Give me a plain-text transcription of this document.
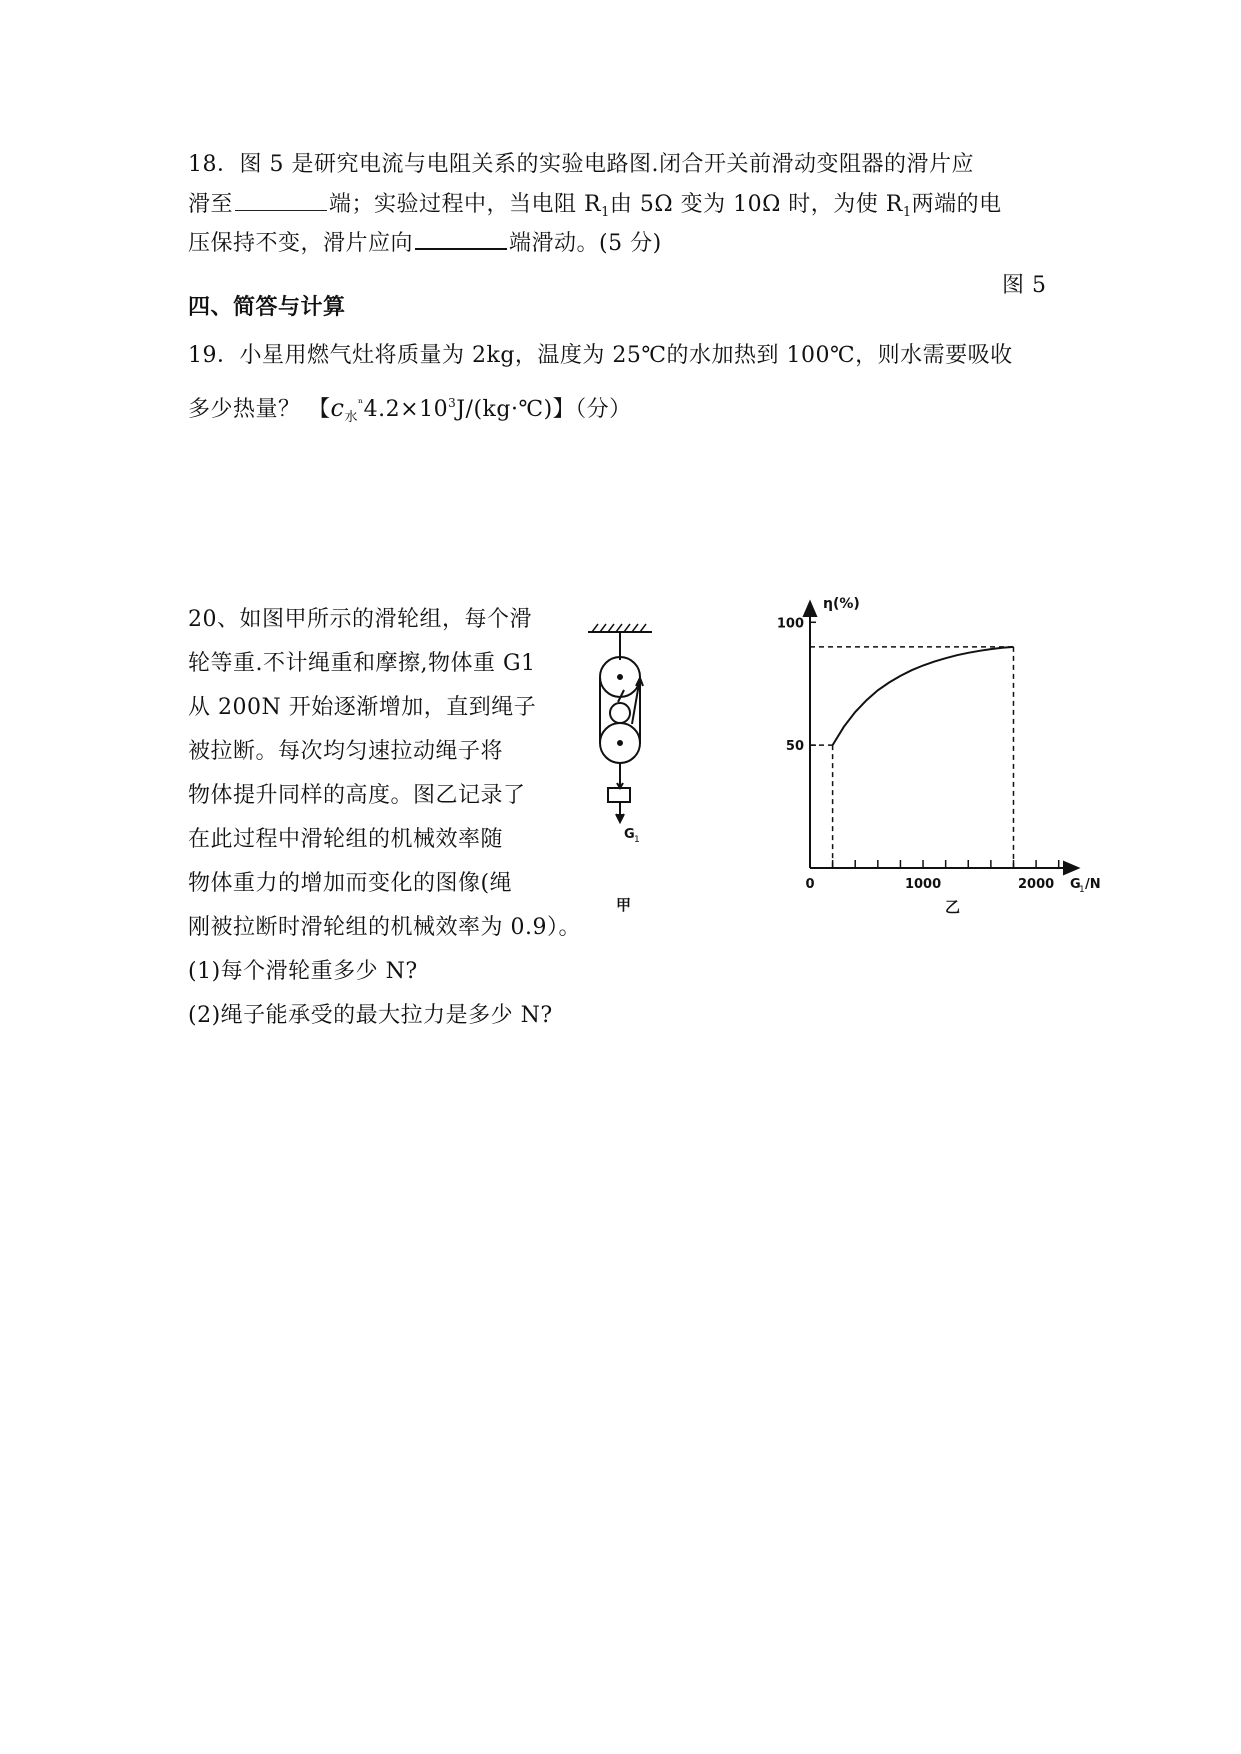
18．图 5 是研究电流与电阻关系的实验电路图.闭合开关前滑动变阻器的滑片应
滑至	端；实验过程中，当电阻 $R_1$由 5Ω 变为 10Ω 时，为使 $R_1$两端的电
压保持不变，滑片应向	端滑动。(5 分)
图 5
四、简答与计算
19．小星用燃气灶将质量为 2kg，温度为 25℃的水加热到 100℃，则水需要吸收
多少热量？ 【$c_水^{^n}4.2\times 10^3J/(kg\cdot℃)$】（分）
20、如图甲所示的滑轮组，每个滑
轮等重.不计绳重和摩擦,物体重 G1
从 200N 开始逐渐增加，直到绳子
被拉断。每次均匀速拉动绳子将
物体提升同样的高度。图乙记录了
在此过程中滑轮组的机械效率随
物体重力的增加而变化的图像(绳
刚被拉断时滑轮组的机械效率为 0.9）。
(1)每个滑轮重多少 N?
(2)绳子能承受的最大拉力是多少 N?
G 1
甲
η(%)
50
100
0	1000	2000 G
1 /N
乙
